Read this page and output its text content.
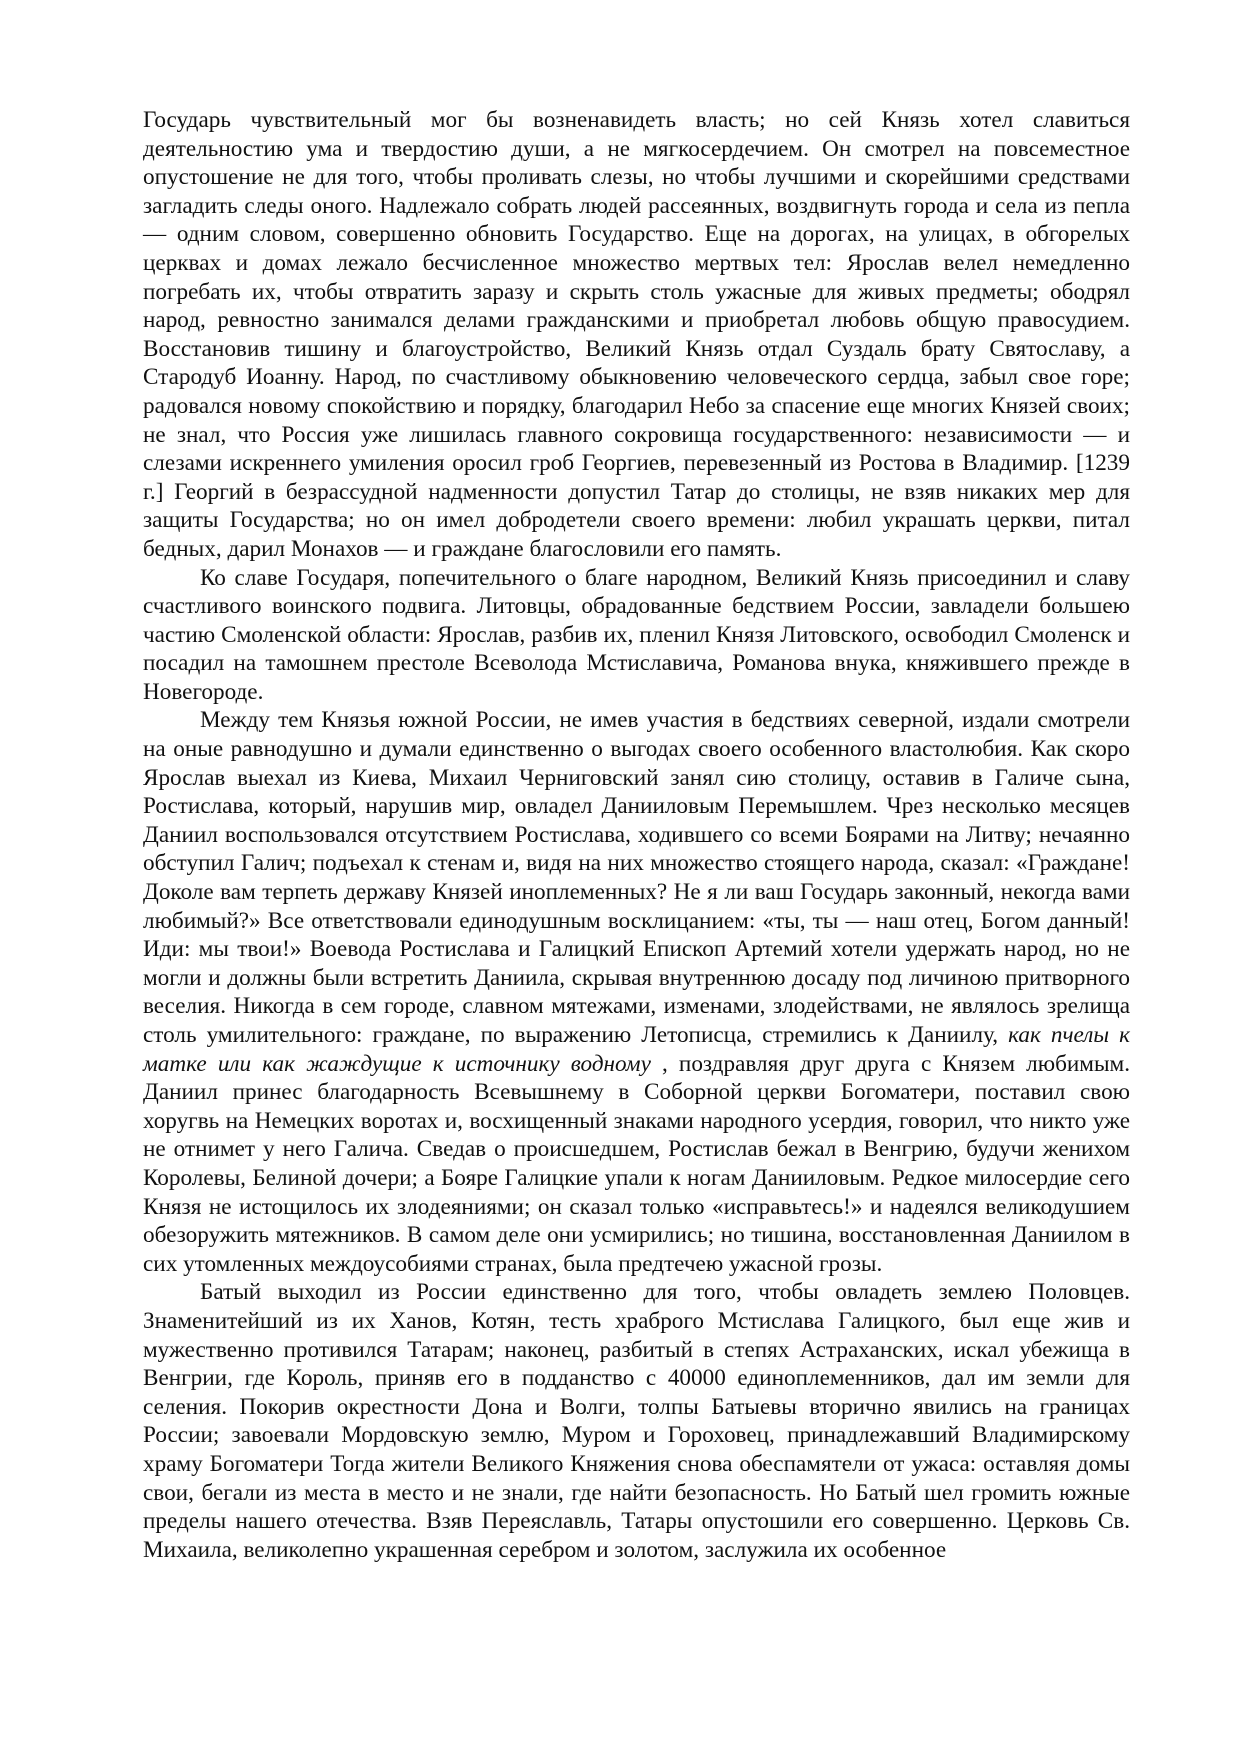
Государь чувствительный мог бы возненавидеть власть; но сей Князь хотел славиться деятельностию ума и твердостию души, а не мягкосердечием. Он смотрел на повсеместное опустошение не для того, чтобы проливать слезы, но чтобы лучшими и скорейшими средствами загладить следы оного. Надлежало собрать людей рассеянных, воздвигнуть города и села из пепла — одним словом, совершенно обновить Государство. Еще на дорогах, на улицах, в обгорелых церквах и домах лежало бесчисленное множество мертвых тел: Ярослав велел немедленно погребать их, чтобы отвратить заразу и скрыть столь ужасные для живых предметы; ободрял народ, ревностно занимался делами гражданскими и приобретал любовь общую правосудием. Восстановив тишину и благоустройство, Великий Князь отдал Суздаль брату Святославу, а Стародуб Иоанну. Народ, по счастливому обыкновению человеческого сердца, забыл свое горе; радовался новому спокойствию и порядку, благодарил Небо за спасение еще многих Князей своих; не знал, что Россия уже лишилась главного сокровища государственного: независимости — и слезами искреннего умиления оросил гроб Георгиев, перевезенный из Ростова в Владимир. [1239 г.] Георгий в безрассудной надменности допустил Татар до столицы, не взяв никаких мер для защиты Государства; но он имел добродетели своего времени: любил украшать церкви, питал бедных, дарил Монахов — и граждане благословили его память.

Ко славе Государя, попечительного о благе народном, Великий Князь присоединил и славу счастливого воинского подвига. Литовцы, обрадованные бедствием России, завладели большею частию Смоленской области: Ярослав, разбив их, пленил Князя Литовского, освободил Смоленск и посадил на тамошнем престоле Всеволода Мстиславича, Романова внука, княжившего прежде в Новегороде.

Между тем Князья южной России, не имев участия в бедствиях северной, издали смотрели на оные равнодушно и думали единственно о выгодах своего особенного властолюбия. Как скоро Ярослав выехал из Киева, Михаил Черниговский занял сию столицу, оставив в Галиче сына, Ростислава, который, нарушив мир, овладел Данииловым Перемышлем. Чрез несколько месяцев Даниил воспользовался отсутствием Ростислава, ходившего со всеми Боярами на Литву; нечаянно обступил Галич; подъехал к стенам и, видя на них множество стоящего народа, сказал: «Граждане! Доколе вам терпеть державу Князей иноплеменных? Не я ли ваш Государь законный, некогда вами любимый?» Все ответствовали единодушным восклицанием: «ты, ты — наш отец, Богом данный! Иди: мы твои!» Воевода Ростислава и Галицкий Епископ Артемий хотели удержать народ, но не могли и должны были встретить Даниила, скрывая внутреннюю досаду под личиною притворного веселия. Никогда в сем городе, славном мятежами, изменами, злодействами, не являлось зрелища столь умилительного: граждане, по выражению Летописца, стремились к Даниилу, как пчелы к матке или как жаждущие к источнику водному , поздравляя друг друга с Князем любимым. Даниил принес благодарность Всевышнему в Соборной церкви Богоматери, поставил свою хоругвь на Немецких воротах и, восхищенный знаками народного усердия, говорил, что никто уже не отнимет у него Галича. Сведав о происшедшем, Ростислав бежал в Венгрию, будучи женихом Королевы, Белиной дочери; а Бояре Галицкие упали к ногам Данииловым. Редкое милосердие сего Князя не истощилось их злодеяниями; он сказал только «исправьтесь!» и надеялся великодушием обезоружить мятежников. В самом деле они усмирились; но тишина, восстановленная Даниилом в сих утомленных междоусобиями странах, была предтечею ужасной грозы.

Батый выходил из России единственно для того, чтобы овладеть землею Половцев. Знаменитейший из их Ханов, Котян, тесть храброго Мстислава Галицкого, был еще жив и мужественно противился Татарам; наконец, разбитый в степях Астраханских, искал убежища в Венгрии, где Король, приняв его в подданство с 40000 единоплеменников, дал им земли для селения. Покорив окрестности Дона и Волги, толпы Батыевы вторично явились на границах России; завоевали Мордовскую землю, Муром и Гороховец, принадлежавший Владимирскому храму Богоматери Тогда жители Великого Княжения снова обеспамятели от ужаса: оставляя домы свои, бегали из места в место и не знали, где найти безопасность. Но Батый шел громить южные пределы нашего отечества. Взяв Переяславль, Татары опустошили его совершенно. Церковь Св. Михаила, великолепно украшенная серебром и золотом, заслужила их особенное
